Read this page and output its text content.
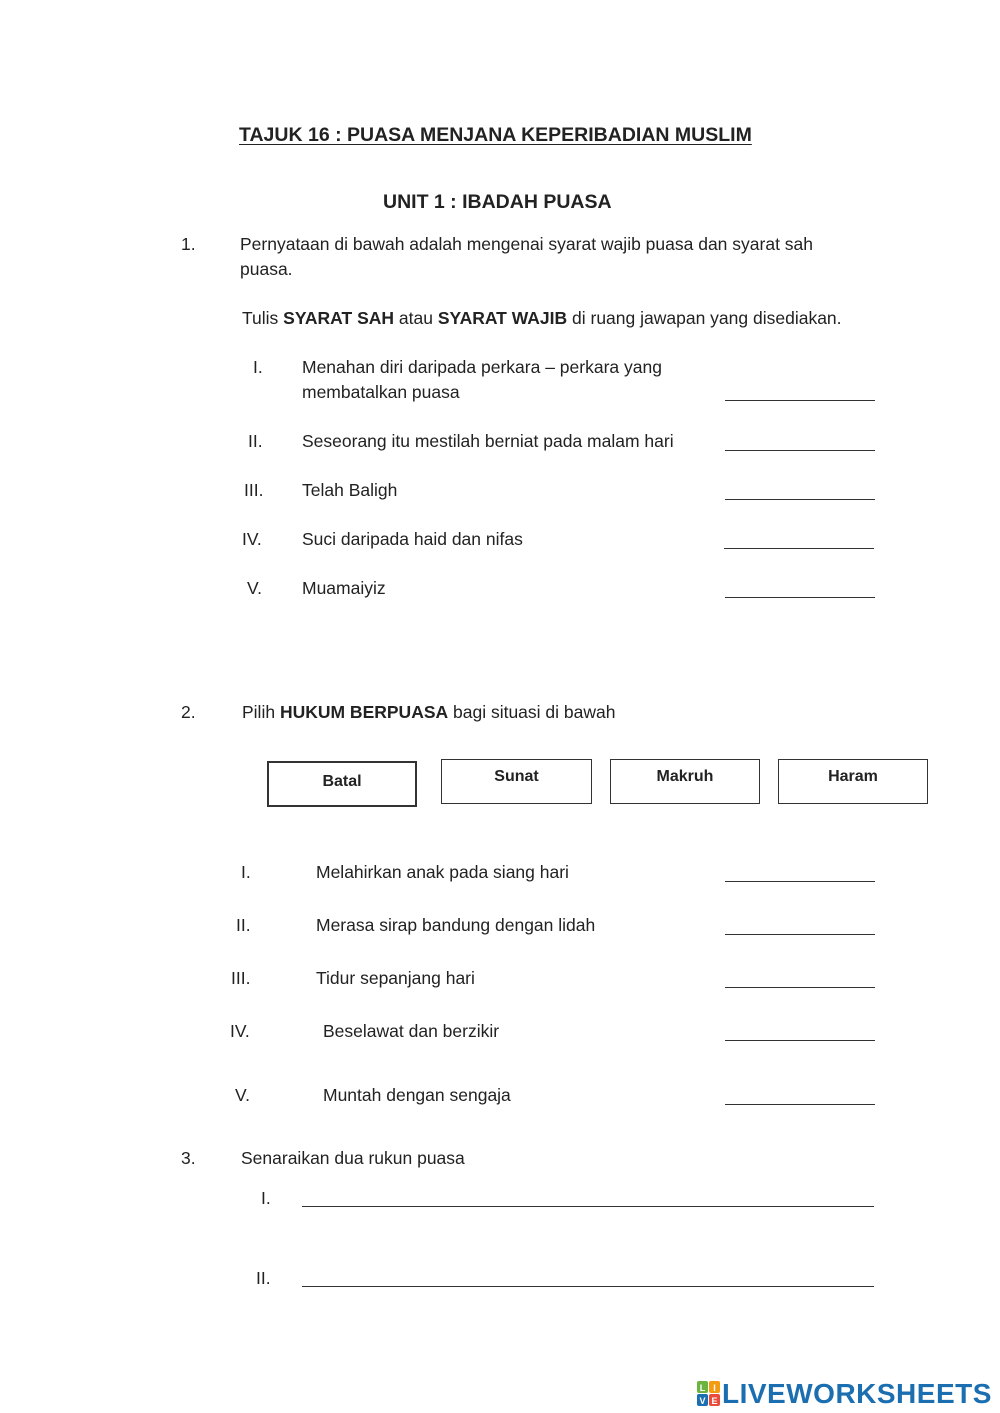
TAJUK 16 : PUASA MENJANA KEPERIBADIAN MUSLIM
UNIT 1 : IBADAH PUASA
1.	Pernyataan di bawah adalah mengenai syarat wajib puasa dan syarat sah
puasa.
Tulis SYARAT SAH atau SYARAT WAJIB di ruang jawapan yang disediakan.
I. Menahan diri daripada perkara – perkara yang
membatalkan puasa
II. Seseorang itu mestilah berniat pada malam hari
III. Telah Baligh
IV. Suci daripada haid dan nifas
V. Muamaiyiz
2.	Pilih HUKUM BERPUASA bagi situasi di bawah
Batal	Sunat	Makruh	Haram
I.	Melahirkan anak pada siang hari
II.	Merasa sirap bandung dengan lidah
III.	Tidur sepanjang hari
IV.	Beselawat dan berzikir
V.	Muntah dengan sengaja
3.	Senaraikan dua rukun puasa
I.
II.
L I
V E LIVEWORKSHEETS
